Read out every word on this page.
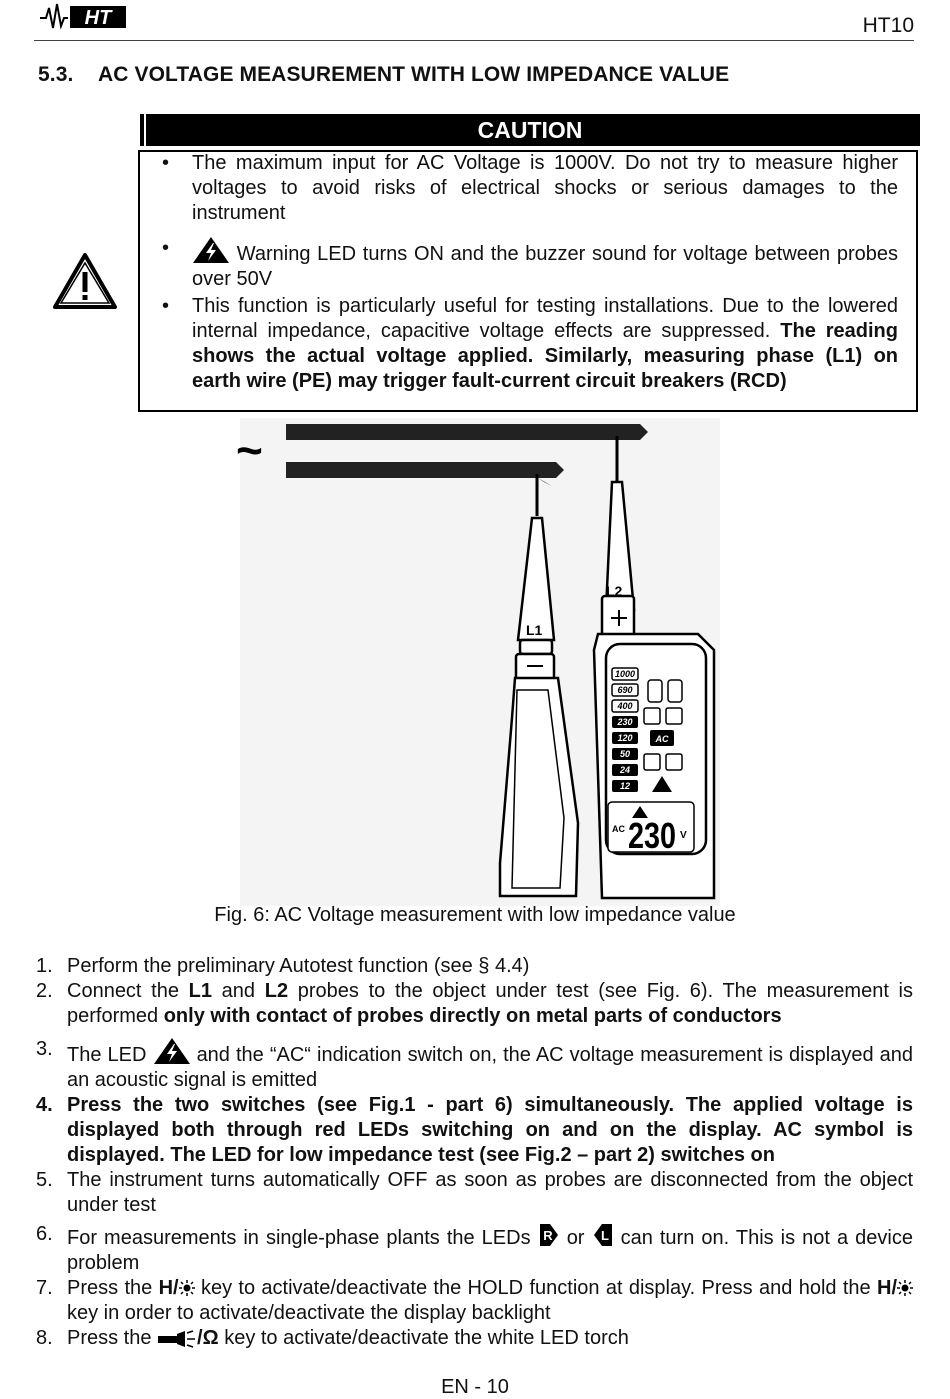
HT	HT10
5.3. AC VOLTAGE MEASUREMENT WITH LOW IMPEDANCE VALUE
CAUTION
• The maximum input for AC Voltage is 1000V. Do not try to measure higher voltages to avoid risks of electrical shocks or serious damages to the instrument
•	Warning LED turns ON and the buzzer sound for voltage between probes over 50V
• This function is particularly useful for testing installations. Due to the lowered internal impedance, capacitive voltage effects are suppressed. The reading shows the actual voltage applied. Similarly, measuring phase (L1) on earth wire (PE) may trigger fault-current circuit breakers (RCD)
~
L1
L2
1000
690
400
230
120
50
24
12
AC
AC 230 V
Fig. 6: AC Voltage measurement with low impedance value
1. Perform the preliminary Autotest function (see § 4.4)
2. Connect the L1 and L2 probes to the object under test (see Fig. 6). The measurement is performed only with contact of probes directly on metal parts of conductors
3. The LED	and the “AC“ indication switch on, the AC voltage measurement is displayed and an acoustic signal is emitted
4. Press the two switches (see Fig.1 - part 6) simultaneously. The applied voltage is displayed both through red LEDs switching on and on the display. AC symbol is displayed. The LED for low impedance test (see Fig.2 – part 2) switches on
5. The instrument turns automatically OFF as soon as probes are disconnected from the object under test
6. For measurements in single-phase plants the LEDs R or L can turn on. This is not a device problem
7. Press the H/ key to activate/deactivate the HOLD function at display. Press and hold the H/ key in order to activate/deactivate the display backlight
8. Press the /Ω key to activate/deactivate the white LED torch
EN - 10
